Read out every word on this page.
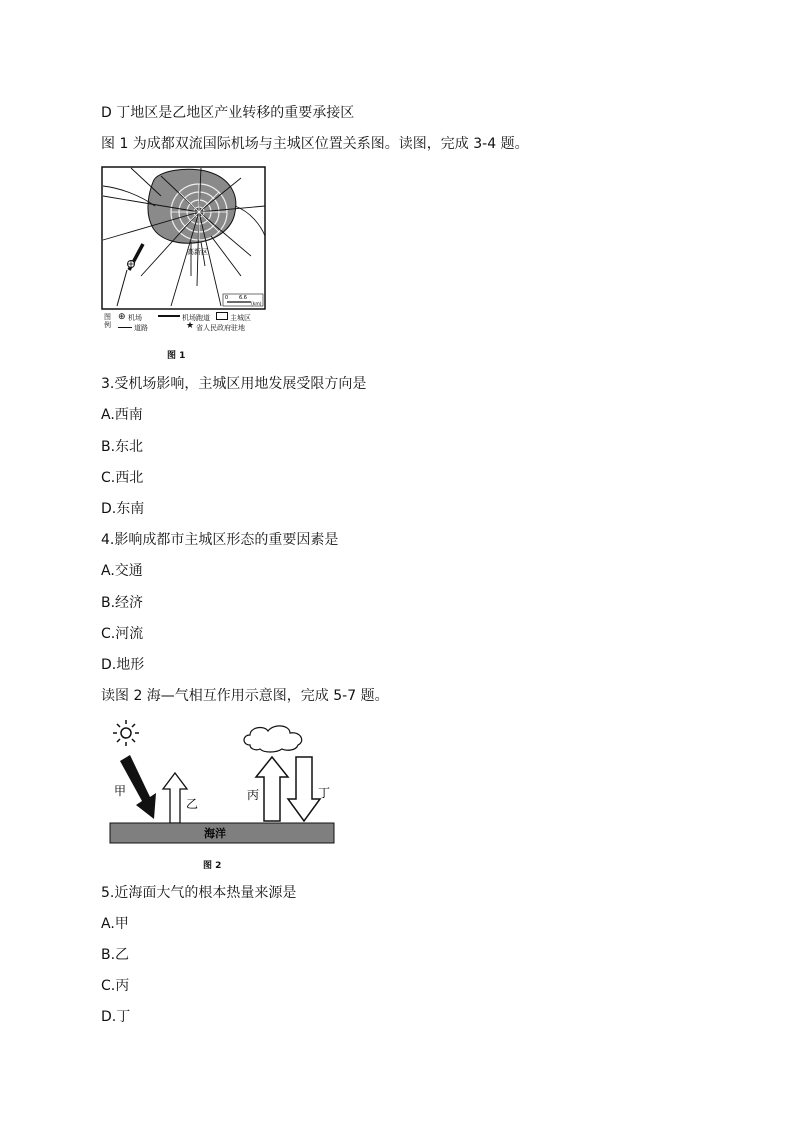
D 丁地区是乙地区产业转移的重要承接区
图 1 为成都双流国际机场与主城区位置关系图。读图，完成 3-4 题。
高新区
0 6.6
(km)
图例
⊕ 机场	机场跑道	主城区
道路	★ 省人民政府驻地
图 1
3.受机场影响，主城区用地发展受限方向是
A.西南
B.东北
C.西北
D.东南
4.影响成都市主城区形态的重要因素是
A.交通
B.经济
C.河流
D.地形
读图 2 海—气相互作用示意图，完成 5-7 题。
甲
乙
丙	丁
海洋
图 2
5.近海面大气的根本热量来源是
A.甲
B.乙
C.丙
D.丁
